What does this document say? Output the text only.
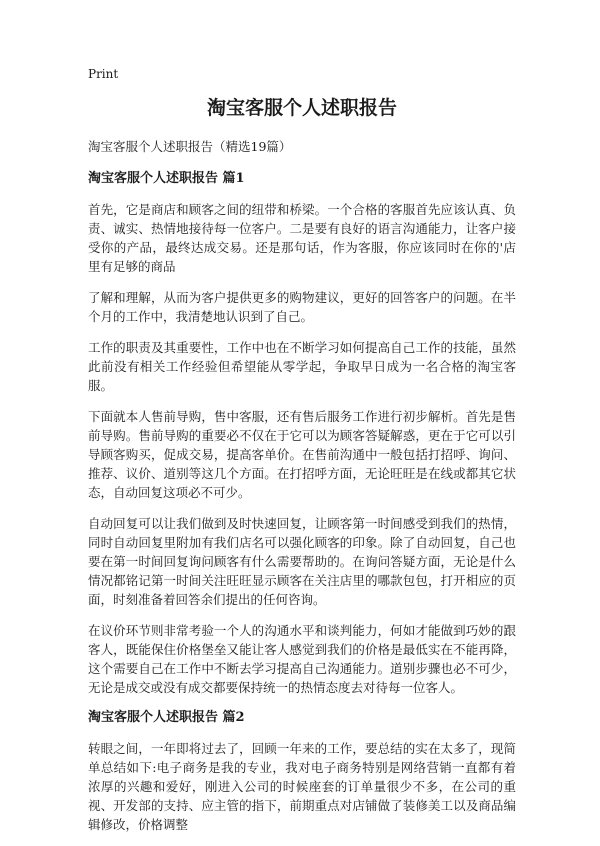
Print
淘宝客服个人述职报告
淘宝客服个人述职报告（精选19篇）
淘宝客服个人述职报告 篇1

首先，它是商店和顾客之间的纽带和桥梁。一个合格的客服首先应该认真、负责、诚实、热情地接待每一位客户。二是要有良好的语言沟通能力，让客户接受你的产品，最终达成交易。还是那句话，作为客服，你应该同时在你的'店里有足够的商品

了解和理解，从而为客户提供更多的购物建议，更好的回答客户的问题。在半个月的工作中，我清楚地认识到了自己。

工作的职责及其重要性，工作中也在不断学习如何提高自己工作的技能，虽然此前没有相关工作经验但希望能从零学起，争取早日成为一名合格的淘宝客服。

下面就本人售前导购，售中客服，还有售后服务工作进行初步解析。首先是售前导购。售前导购的重要必不仅在于它可以为顾客答疑解惑，更在于它可以引导顾客购买，促成交易，提高客单价。在售前沟通中一般包括打招呼、询问、推荐、议价、道别等这几个方面。在打招呼方面，无论旺旺是在线或都其它状态，自动回复这项必不可少。

自动回复可以让我们做到及时快速回复，让顾客第一时间感受到我们的热情，同时自动回复里附加有我们店名可以强化顾客的印象。除了自动回复，自己也要在第一时间回复询问顾客有什么需要帮助的。在询问答疑方面，无论是什么情况都铭记第一时间关注旺旺显示顾客在关注店里的哪款包包，打开相应的页面，时刻准备着回答余们提出的任何咨询。

在议价环节则非常考验一个人的沟通水平和谈判能力，何如才能做到巧妙的跟客人，既能保住价格堡垒又能让客人感觉到我们的价格是最低实在不能再降，这个需要自己在工作中不断去学习提高自己沟通能力。道别步骤也必不可少，无论是成交或没有成交都要保持统一的热情态度去对待每一位客人。

淘宝客服个人述职报告 篇2

转眼之间，一年即将过去了，回顾一年来的工作，要总结的实在太多了，现简单总结如下:电子商务是我的专业，我对电子商务特别是网络营销一直都有着浓厚的兴趣和爱好，刚进入公司的时候座套的订单量很少不多，在公司的重视、开发部的支持、应主管的指下，前期重点对店铺做了装修美工以及商品编辑修改，价格调整
